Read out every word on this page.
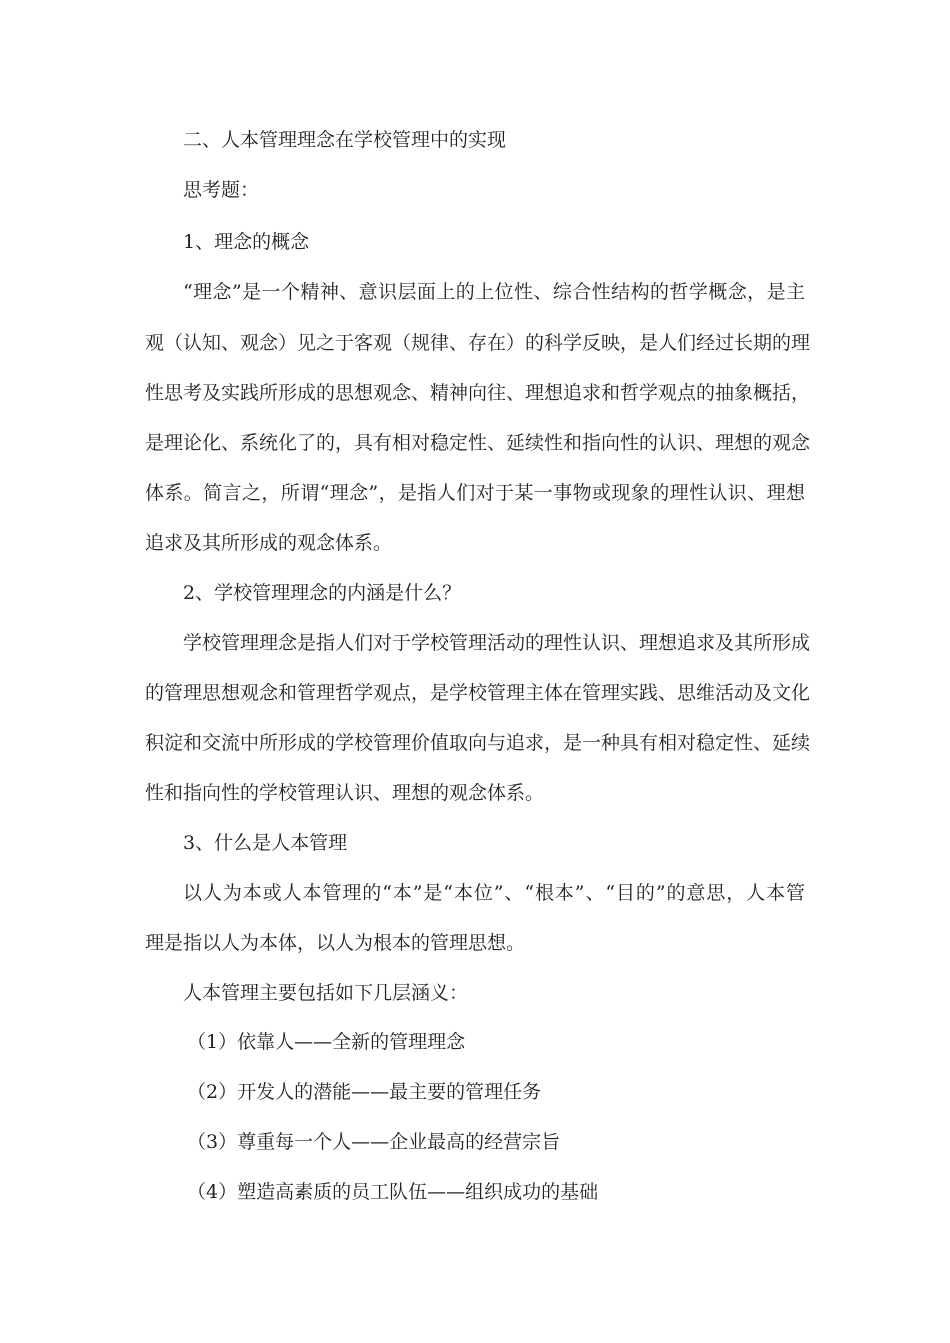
二、人本管理理念在学校管理中的实现
思考题：
1、理念的概念
“理念”是一个精神、意识层面上的上位性、综合性结构的哲学概念，是主
观（认知、观念）见之于客观（规律、存在）的科学反映，是人们经过长期的理
性思考及实践所形成的思想观念、精神向往、理想追求和哲学观点的抽象概括，
是理论化、系统化了的，具有相对稳定性、延续性和指向性的认识、理想的观念
体系。简言之，所谓“理念”，是指人们对于某一事物或现象的理性认识、理想
追求及其所形成的观念体系。
2、学校管理理念的内涵是什么？
学校管理理念是指人们对于学校管理活动的理性认识、理想追求及其所形成
的管理思想观念和管理哲学观点，是学校管理主体在管理实践、思维活动及文化
积淀和交流中所形成的学校管理价值取向与追求，是一种具有相对稳定性、延续
性和指向性的学校管理认识、理想的观念体系。
3、什么是人本管理
以人为本或人本管理的“本”是“本位”、“根本”、“目的”的意思，人本管
理是指以人为本体，以人为根本的管理思想。
人本管理主要包括如下几层涵义：
（1）依靠人——全新的管理理念
（2）开发人的潜能——最主要的管理任务
（3）尊重每一个人——企业最高的经营宗旨
（4）塑造高素质的员工队伍——组织成功的基础
